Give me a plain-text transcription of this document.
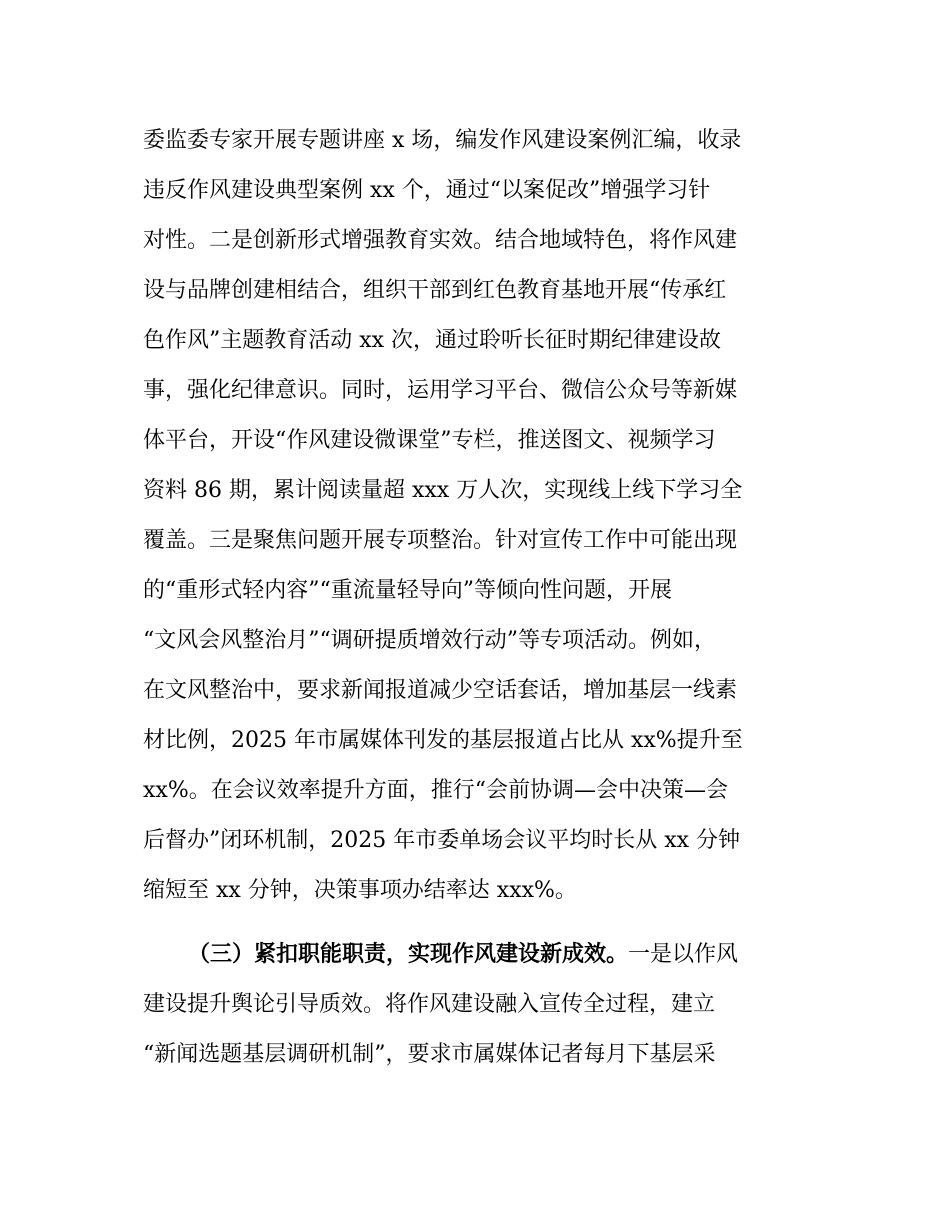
委监委专家开展专题讲座 x 场，编发作风建设案例汇编，收录
违反作风建设典型案例 xx 个，通过“以案促改”增强学习针
对性。二是创新形式增强教育实效。结合地域特色，将作风建
设与品牌创建相结合，组织干部到红色教育基地开展“传承红
色作风”主题教育活动 xx 次，通过聆听长征时期纪律建设故
事，强化纪律意识。同时，运用学习平台、微信公众号等新媒
体平台，开设“作风建设微课堂”专栏，推送图文、视频学习
资料 86 期，累计阅读量超 xxx 万人次，实现线上线下学习全
覆盖。三是聚焦问题开展专项整治。针对宣传工作中可能出现
的“重形式轻内容”“重流量轻导向”等倾向性问题，开展
“文风会风整治月”“调研提质增效行动”等专项活动。例如，
在文风整治中，要求新闻报道减少空话套话，增加基层一线素
材比例，2025 年市属媒体刊发的基层报道占比从 xx%提升至
xx%。在会议效率提升方面，推行“会前协调—会中决策—会
后督办”闭环机制，2025 年市委单场会议平均时长从 xx 分钟
缩短至 xx 分钟，决策事项办结率达 xxx%。
（三）紧扣职能职责，实现作风建设新成效。一是以作风
建设提升舆论引导质效。将作风建设融入宣传全过程，建立
“新闻选题基层调研机制”，要求市属媒体记者每月下基层采
